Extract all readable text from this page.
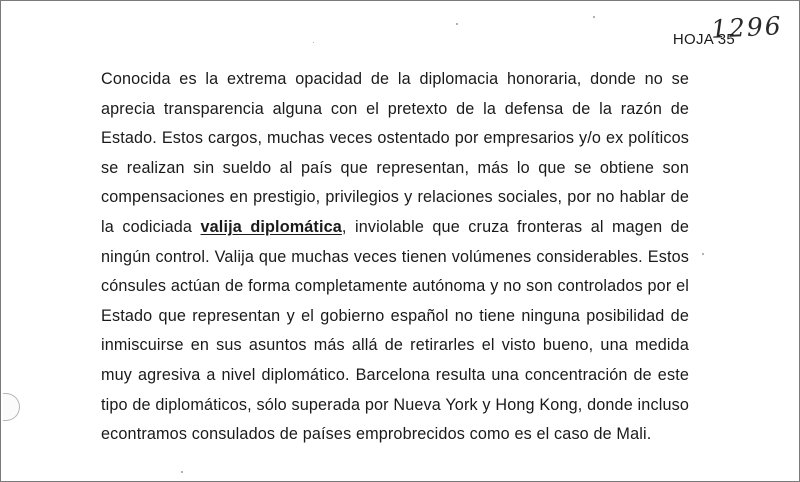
1296
HOJA 35

Conocida es la extrema opacidad de la diplomacia honoraria, donde no se aprecia transparencia alguna con el pretexto de la defensa de la razón de Estado. Estos cargos, muchas veces ostentado por empresarios y/o ex políticos se realizan sin sueldo al país que representan, más lo que se obtiene son compensaciones en prestigio, privilegios y relaciones sociales, por no hablar de la codiciada valija diplomática, inviolable que cruza fronteras al magen de ningún control. Valija que muchas veces tienen volúmenes considerables. Estos cónsules actúan de forma completamente autónoma y no son controlados por el Estado que representan y el gobierno español no tiene ninguna posibilidad de inmiscuirse en sus asuntos más allá de retirarles el visto bueno, una medida muy agresiva a nivel diplomático. Barcelona resulta una concentración de este tipo de diplomáticos, sólo superada por Nueva York y Hong Kong, donde incluso econtramos consulados de países emprobrecidos como es el caso de Mali.
